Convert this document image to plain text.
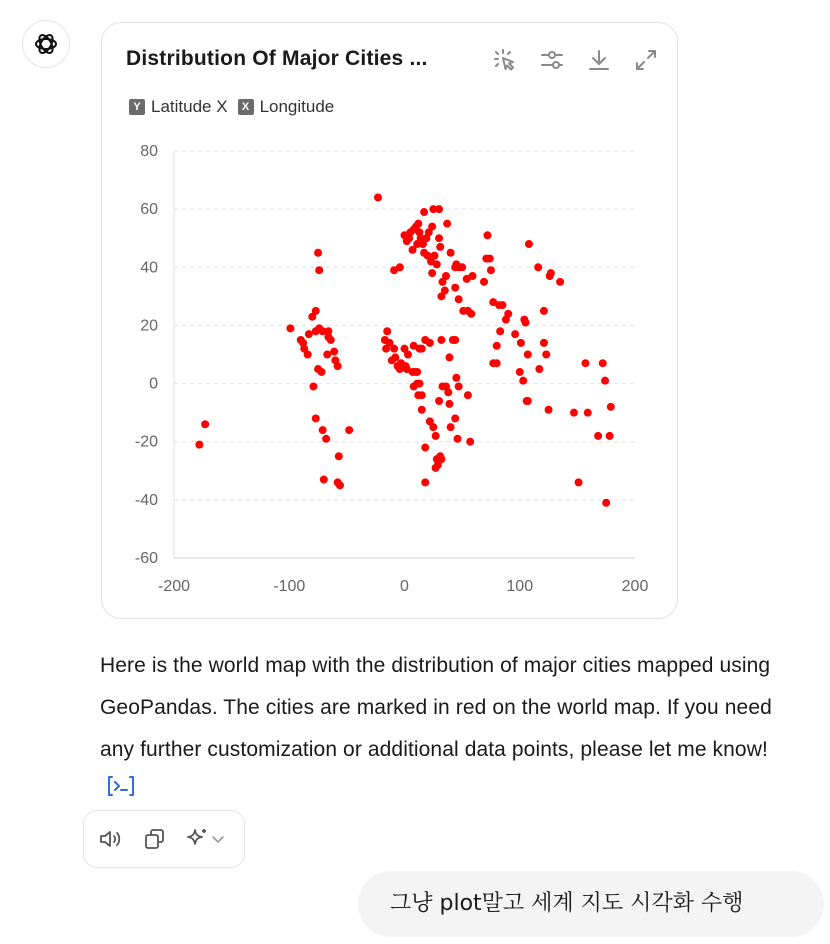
Distribution Of Major Cities ...
Y Latitude X	X Longitude
80
60
40
20
0
-20
-40
-60
-200	-100	0	100	200
Here is the world map with the distribution of major cities mapped using GeoPandas. The cities are marked in red on the world map. If you need any further customization or additional data points, please let me know!
그냥 plot말고 세계 지도 시각화 수행
